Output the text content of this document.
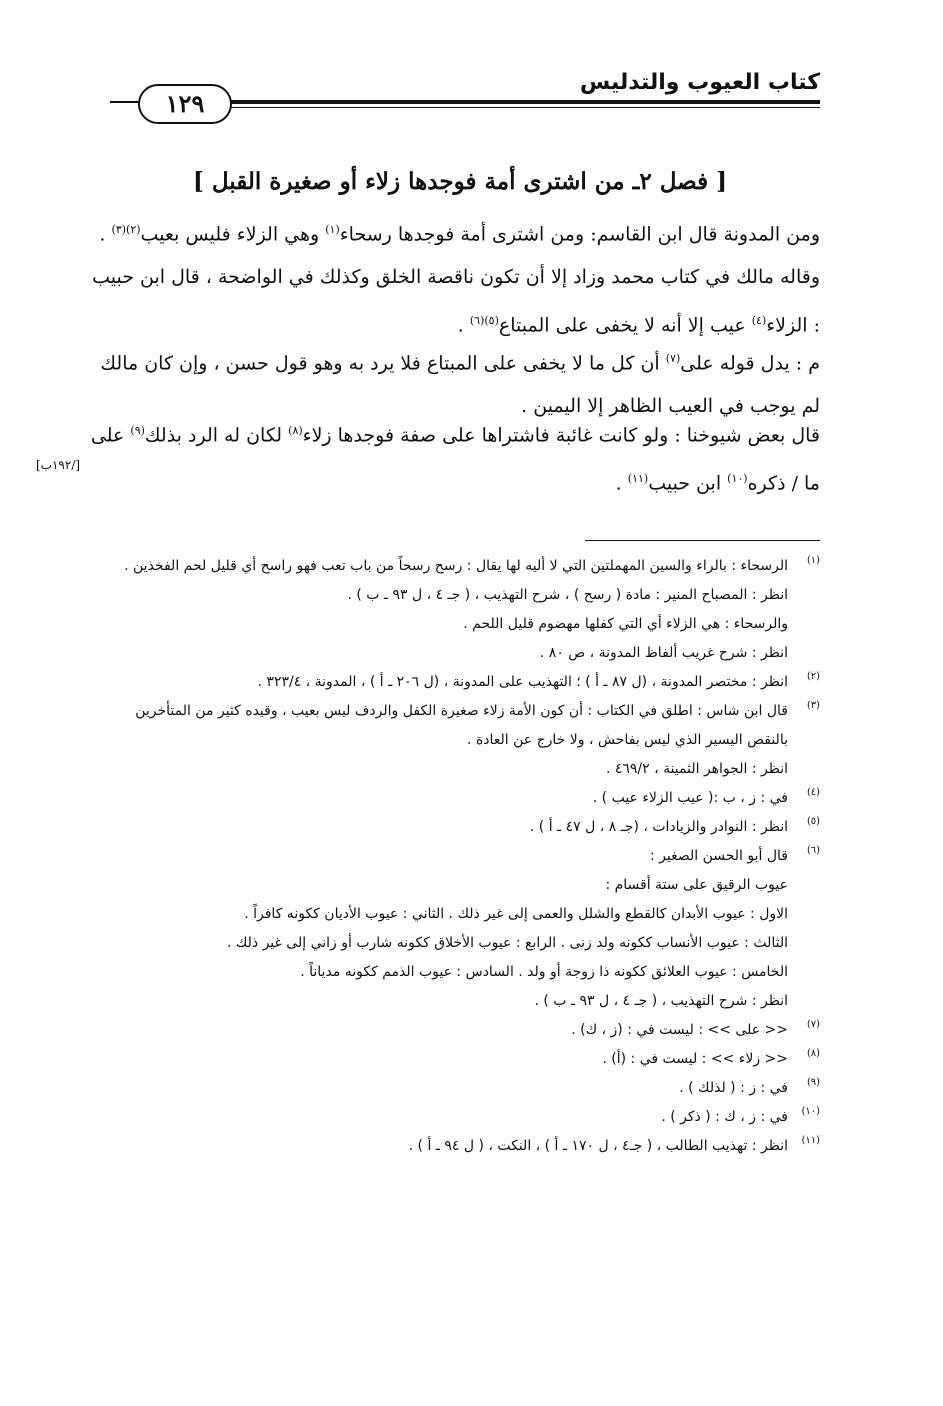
١٢٩
كتاب العيوب والتدليس
[ فصل ٢ـ من اشترى أمة فوجدها زلاء أو صغيرة القبل ]
ومن المدونة قال ابن القاسم: ومن اشترى أمة فوجدها رسحاء$^{(١)}$ وهي الزلاء فليس بعيب$^{(٢)(٣)}$ . وقاله مالك في كتاب محمد وزاد إلا أن تكون ناقصة الخلق وكذلك في الواضحة ، قال ابن حبيب : الزلاء$^{(٤)}$ عيب إلا أنه لا يخفى على المبتاع$^{(٥)(٦)}$ .
م : يدل قوله على$^{(٧)}$ أن كل ما لا يخفى على المبتاع فلا يرد به وهو قول حسن ، وإن كان مالك لم يوجب في العيب الظاهر إلا اليمين .
قال بعض شيوخنا : ولو كانت غائبة فاشتراها على صفة فوجدها زلاء$^{(٨)}$ لكان له الرد بذلك$^{(٩)}$ على ما / ذكره$^{(١٠)}$ ابن حبيب$^{(١١)}$ .
[/١٩٢ب]
(١)
الرسحاء : بالراء والسين المهملتين التي لا أليه لها يقال : رسح رسحاً من باب تعب فهو راسح أي قليل لحم الفخذين .
انظر : المصباح المنير : مادة ( رسح ) ، شرح التهذيب ، ( جـ ٤ ، ل ٩٣ ـ ب ) .
والرسحاء : هي الزلاء أي التي كفلها مهضوم قليل اللحم .
انظر : شرح غريب ألفاظ المدونة ، ص ٨٠ .
(٢)
انظر : مختصر المدونة ، (ل ٨٧ ـ أ ) ؛ التهذيب على المدونة ، (ل ٢٠٦ ـ أ ) ، المدونة ، ٣٢٣/٤ .
(٣)
قال ابن شاس : اطلق في الكتاب : أن كون الأمة زلاء صغيرة الكفل والردف ليس بعيب ، وقيده كثير من المتأخرين بالنقص اليسير الذي ليس بفاحش ، ولا خارج عن العادة .
انظر : الجواهر الثمينة ، ٤٦٩/٢ .
(٤)
في : ز ، ب :( عيب الزلاء عيب ) .
(٥)
انظر : النوادر والزيادات ، (جـ ٨ ، ل ٤٧ ـ أ ) .
(٦)
قال أبو الحسن الصغير :
عيوب الرقيق على ستة أقسام :
الاول : عيوب الأبدان كالقطع والشلل والعمى إلى غير ذلك . الثاني : عيوب الأديان ككونه كافراً .
الثالث : عيوب الأنساب ككونه ولد زنى . الرابع : عيوب الأخلاق ككونه شارب أو زاني إلى غير ذلك .
الخامس : عيوب العلائق ككونه ذا زوجة أو ولد . السادس : عيوب الذمم ككونه مدياناً .
انظر : شرح التهذيب ، ( جـ ٤ ، ل ٩٣ ـ ب ) .
(٧)
<< على >> : ليست في : (ز ، ك) .
(٨)
<< زلاء >> : ليست في : (أ) .
(٩)
في : ز : ( لذلك ) .
(١٠)
في : ز ، ك : ( ذكر ) .
(١١)
انظر : تهذيب الطالب ، ( جـ٤ ، ل ١٧٠ ـ أ ) ، النكت ، ( ل ٩٤ ـ أ ) .
